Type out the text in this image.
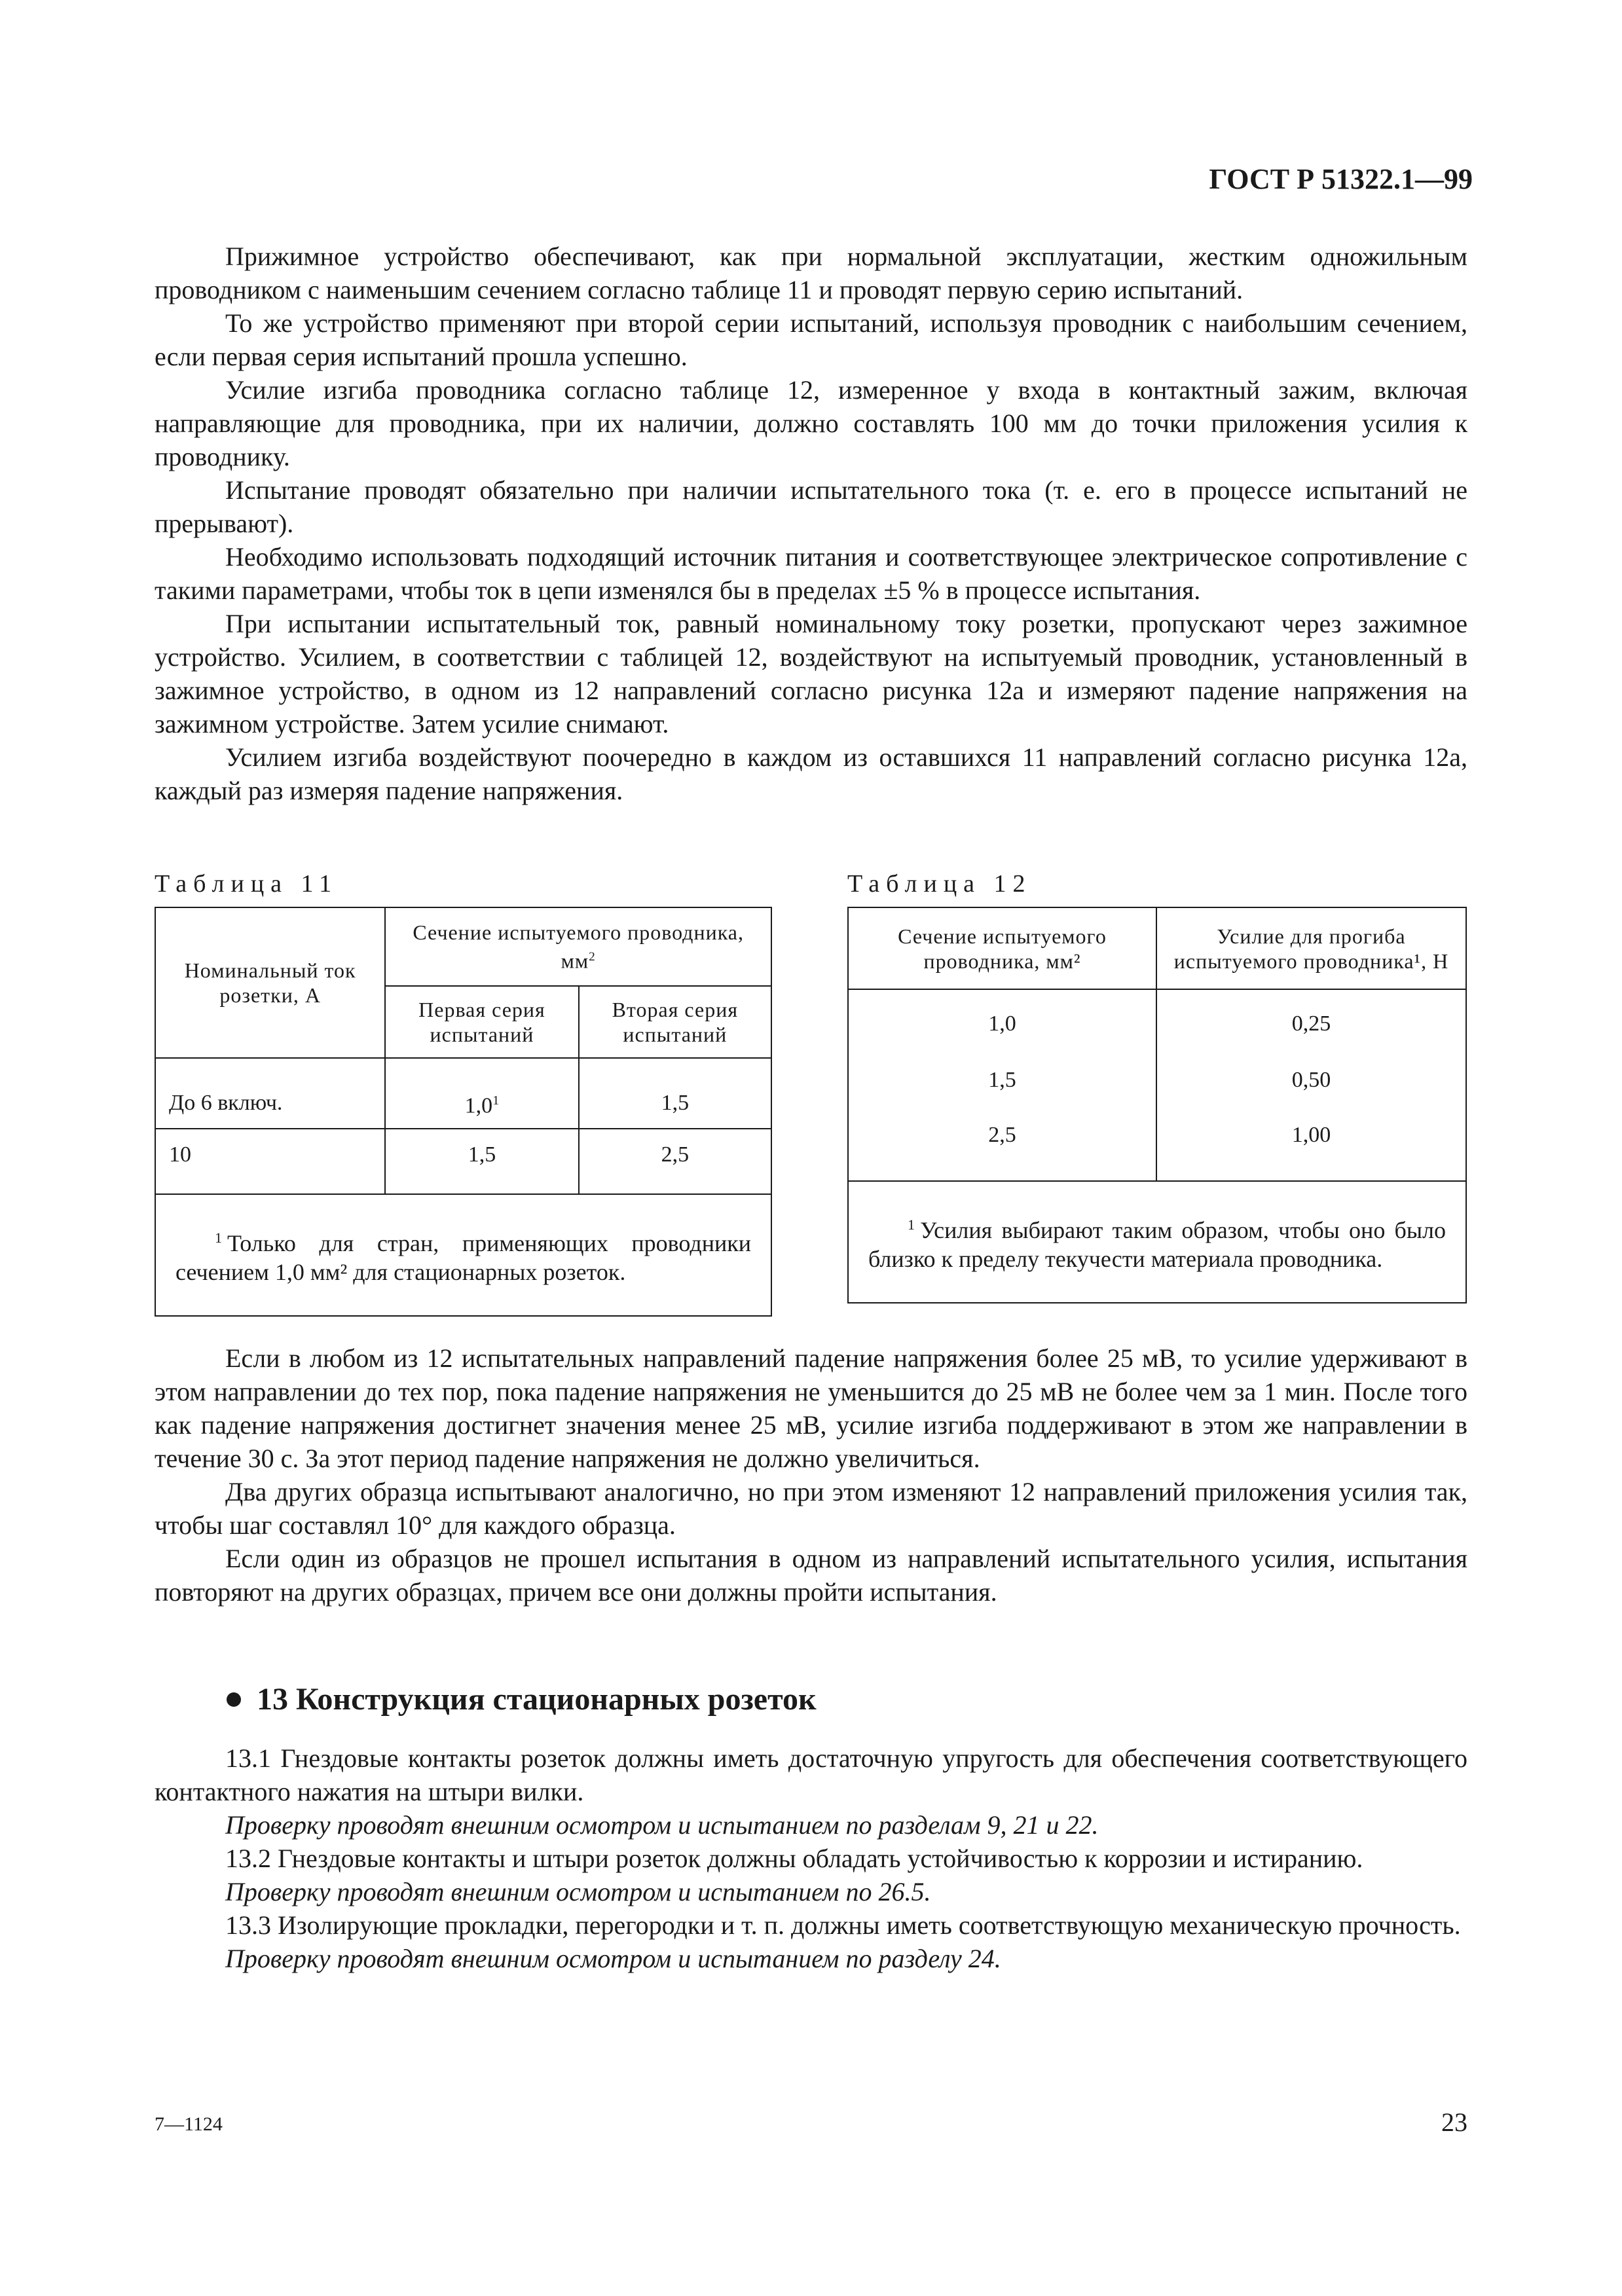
ГОСТ Р 51322.1—99

Прижимное устройство обеспечивают, как при нормальной эксплуатации, жестким одножильным проводником с наименьшим сечением согласно таблице 11 и проводят первую серию испытаний.

То же устройство применяют при второй серии испытаний, используя проводник с наибольшим сечением, если первая серия испытаний прошла успешно.

Усилие изгиба проводника согласно таблице 12, измеренное у входа в контактный зажим, включая направляющие для проводника, при их наличии, должно составлять 100 мм до точки приложения усилия к проводнику.

Испытание проводят обязательно при наличии испытательного тока (т. е. его в процессе испытаний не прерывают).

Необходимо использовать подходящий источник питания и соответствующее электрическое сопротивление с такими параметрами, чтобы ток в цепи изменялся бы в пределах ±5 % в процессе испытания.

При испытании испытательный ток, равный номинальному току розетки, пропускают через зажимное устройство. Усилием, в соответствии с таблицей 12, воздействуют на испытуемый проводник, установленный в зажимное устройство, в одном из 12 направлений согласно рисунка 12а и измеряют падение напряжения на зажимном устройстве. Затем усилие снимают.

Усилием изгиба воздействуют поочередно в каждом из оставшихся 11 направлений согласно рисунка 12а, каждый раз измеряя падение напряжения.

Таблица 11	Таблица 12
Номинальный ток розетки, А	Сечение испытуемого проводника, $мм^2$
	Первая серия испытаний	Вторая серия испытаний
До 6 включ.	$1,0^1$	1,5
10	1,5	2,5
$^1$ Только для стран, применяющих проводники сечением 1,0 мм² для стационарных розеток.		
Сечение испытуемого проводника, мм²	Усилие для прогиба испытуемого проводника¹, Н
1,0	0,25
1,5	0,50
2,5	1,00
$^1$ Усилия выбирают таким образом, чтобы оно было близко к пределу текучести материала проводника.	

Если в любом из 12 испытательных направлений падение напряжения более 25 мВ, то усилие удерживают в этом направлении до тех пор, пока падение напряжения не уменьшится до 25 мВ не более чем за 1 мин. После того как падение напряжения достигнет значения менее 25 мВ, усилие изгиба поддерживают в этом же направлении в течение 30 с. За этот период падение напряжения не должно увеличиться.

Два других образца испытывают аналогично, но при этом изменяют 12 направлений приложения усилия так, чтобы шаг составлял 10° для каждого образца.

Если один из образцов не прошел испытания в одном из направлений испытательного усилия, испытания повторяют на других образцах, причем все они должны пройти испытания.

13 Конструкция стационарных розеток

13.1 Гнездовые контакты розеток должны иметь достаточную упругость для обеспечения соответствующего контактного нажатия на штыри вилки.

Проверку проводят внешним осмотром и испытанием по разделам 9, 21 и 22.

13.2 Гнездовые контакты и штыри розеток должны обладать устойчивостью к коррозии и истиранию.

Проверку проводят внешним осмотром и испытанием по 26.5.

13.3 Изолирующие прокладки, перегородки и т. п. должны иметь соответствующую механическую прочность.

Проверку проводят внешним осмотром и испытанием по разделу 24.

7—1124	23
